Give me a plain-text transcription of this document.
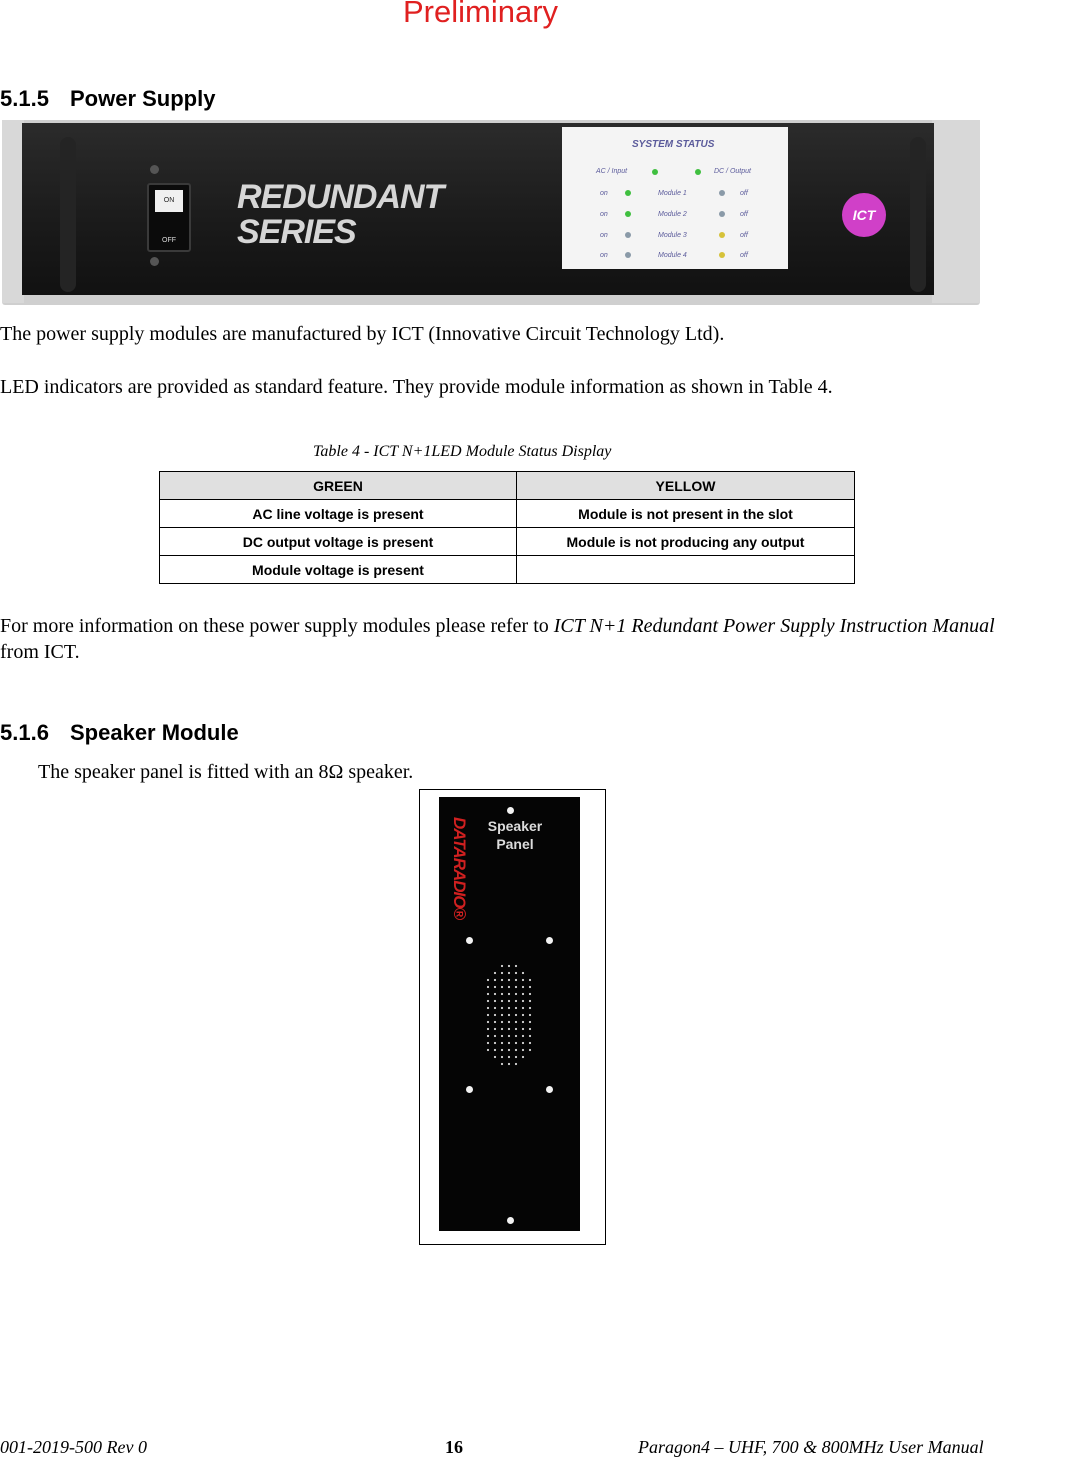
Preliminary
5.1.5 Power Supply
ON
OFF
REDUNDANT
SERIES
SYSTEM STATUS
AC / Input	DC / Output
on	Module 1	off
on	Module 2	off
on	Module 3	off
on	Module 4	off
ICT
The power supply modules are manufactured by ICT (Innovative Circuit Technology Ltd).
LED indicators are provided as standard feature. They provide module information as shown in Table 4.
Table 4 - ICT N+1LED Module Status Display
GREEN	YELLOW
AC line voltage is present	Module is not present in the slot
DC output voltage is present	Module is not producing any output
Module voltage is present	
For more information on these power supply modules please refer to ICT N+1 Redundant Power Supply Instruction Manual from ICT.
5.1.6 Speaker Module
The speaker panel is fitted with an 8Ω speaker.
Speaker
Panel
DATARADIO®
001-2019-500 Rev 0	16	Paragon4 – UHF, 700 & 800MHz User Manual
